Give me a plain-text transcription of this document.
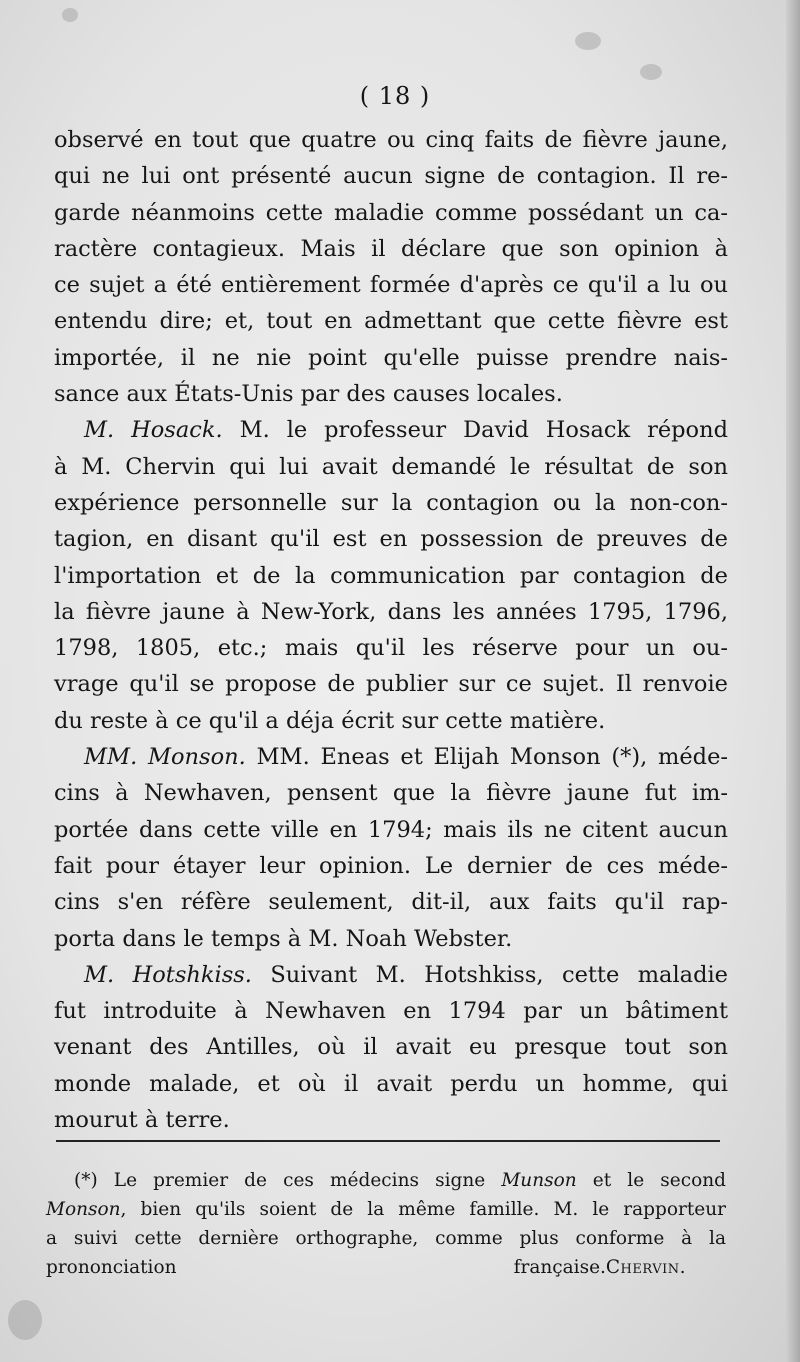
( 18 )
observé en tout que quatre ou cinq faits de fièvre jaune,
qui ne lui ont présenté aucun signe de contagion. Il re-
garde néanmoins cette maladie comme possédant un ca-
ractère contagieux. Mais il déclare que son opinion à
ce sujet a été entièrement formée d'après ce qu'il a lu ou
entendu dire; et, tout en admettant que cette fièvre est
importée, il ne nie point qu'elle puisse prendre nais-
sance aux États-Unis par des causes locales.
M. Hosack. M. le professeur David Hosack répond
à M. Chervin qui lui avait demandé le résultat de son
expérience personnelle sur la contagion ou la non-con-
tagion, en disant qu'il est en possession de preuves de
l'importation et de la communication par contagion de
la fièvre jaune à New-York, dans les années 1795, 1796,
1798, 1805, etc.; mais qu'il les réserve pour un ou-
vrage qu'il se propose de publier sur ce sujet. Il renvoie
du reste à ce qu'il a déja écrit sur cette matière.
MM. Monson. MM. Eneas et Elijah Monson (*), méde-
cins à Newhaven, pensent que la fièvre jaune fut im-
portée dans cette ville en 1794; mais ils ne citent aucun
fait pour étayer leur opinion. Le dernier de ces méde-
cins s'en réfère seulement, dit-il, aux faits qu'il rap-
porta dans le temps à M. Noah Webster.
M. Hotshkiss. Suivant M. Hotshkiss, cette maladie
fut introduite à Newhaven en 1794 par un bâtiment
venant des Antilles, où il avait eu presque tout son
monde malade, et où il avait perdu un homme, qui
mourut à terre.
(*) Le premier de ces médecins signe Munson et le second
Monson, bien qu'ils soient de la même famille. M. le rapporteur
a suivi cette dernière orthographe, comme plus conforme à la
prononciation française. Chervin.
